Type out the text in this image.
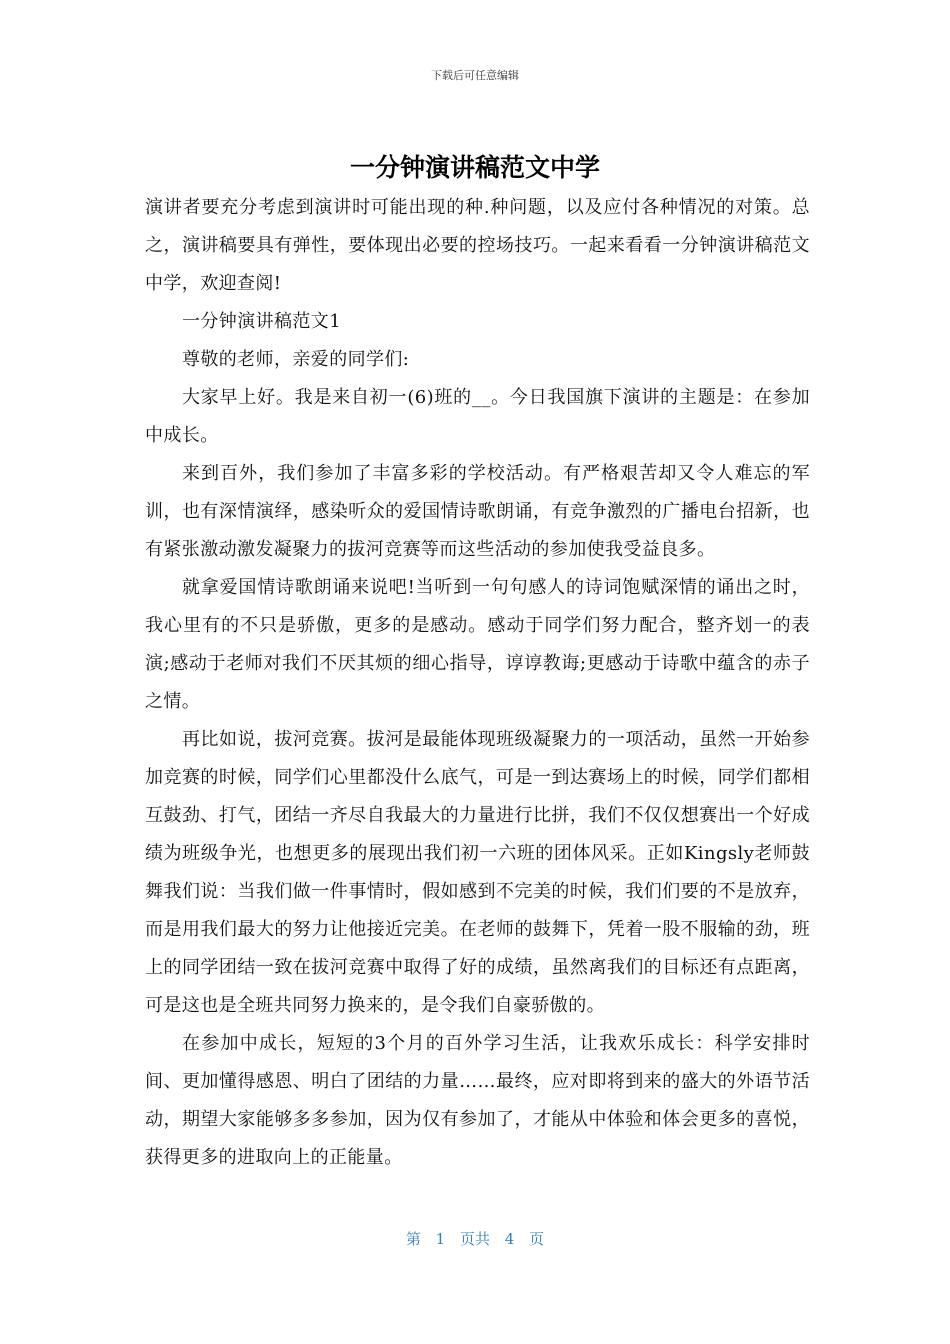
下载后可任意编辑
一分钟演讲稿范文中学

演讲者要充分考虑到演讲时可能出现的种.种问题，以及应付各种情况的对策。总之，演讲稿要具有弹性，要体现出必要的控场技巧。一起来看看一分钟演讲稿范文中学，欢迎查阅!

一分钟演讲稿范文1

尊敬的老师，亲爱的同学们:

大家早上好。我是来自初一(6)班的__。今日我国旗下演讲的主题是：在参加中成长。

来到百外，我们参加了丰富多彩的学校活动。有严格艰苦却又令人难忘的军训，也有深情演绎，感染听众的爱国情诗歌朗诵，有竞争激烈的广播电台招新，也有紧张激动激发凝聚力的拔河竞赛等而这些活动的参加使我受益良多。

就拿爱国情诗歌朗诵来说吧!当听到一句句感人的诗词饱赋深情的诵出之时，我心里有的不只是骄傲，更多的是感动。感动于同学们努力配合，整齐划一的表演;感动于老师对我们不厌其烦的细心指导，谆谆教诲;更感动于诗歌中蕴含的赤子之情。

再比如说，拔河竞赛。拔河是最能体现班级凝聚力的一项活动，虽然一开始参加竞赛的时候，同学们心里都没什么底气，可是一到达赛场上的时候，同学们都相互鼓劲、打气，团结一齐尽自我最大的力量进行比拼，我们不仅仅想赛出一个好成绩为班级争光，也想更多的展现出我们初一六班的团体风采。正如Kingsly老师鼓舞我们说：当我们做一件事情时，假如感到不完美的时候，我们们要的不是放弃，而是用我们最大的努力让他接近完美。在老师的鼓舞下，凭着一股不服输的劲，班上的同学团结一致在拔河竞赛中取得了好的成绩，虽然离我们的目标还有点距离，可是这也是全班共同努力换来的，是令我们自豪骄傲的。

在参加中成长，短短的3个月的百外学习生活，让我欢乐成长：科学安排时间、更加懂得感恩、明白了团结的力量……最终，应对即将到来的盛大的外语节活动，期望大家能够多多参加，因为仅有参加了，才能从中体验和体会更多的喜悦，获得更多的进取向上的正能量。

第 1 页共 4 页
